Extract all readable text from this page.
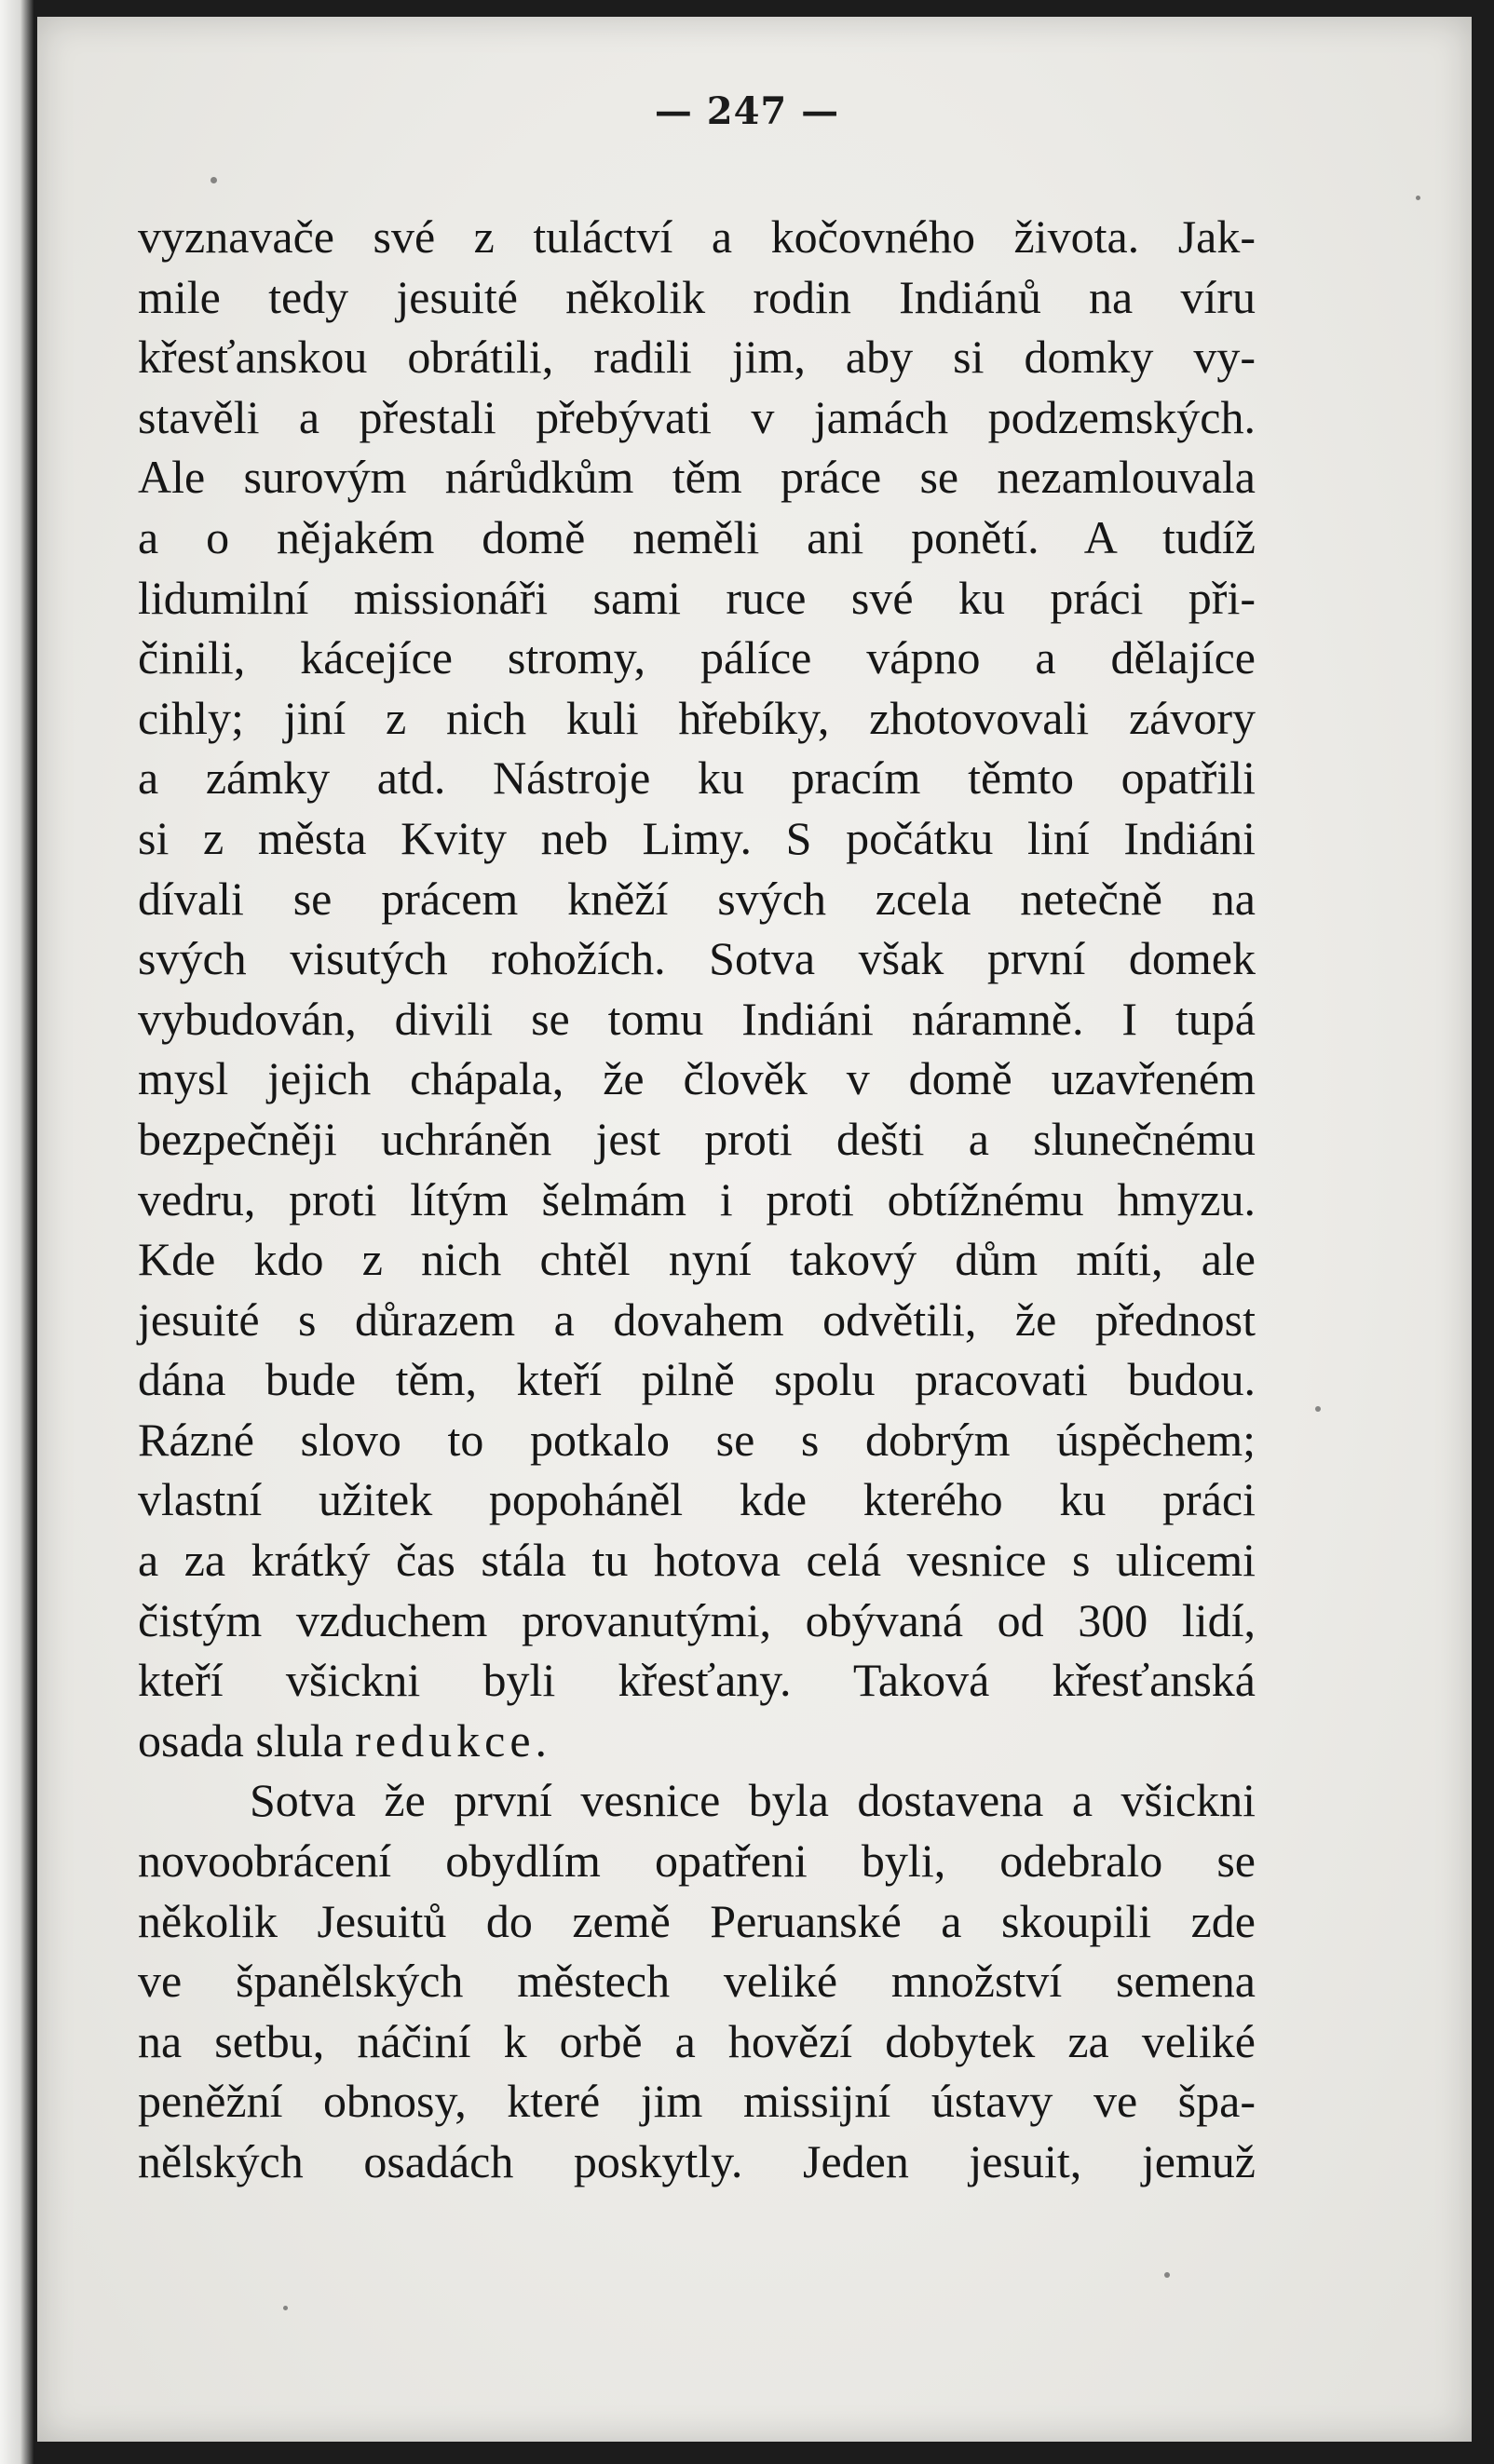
— 247 —
vyznavače své z tuláctví a kočovného života. Jak-
mile tedy jesuité několik rodin Indiánů na víru
křesťanskou obrátili, radili jim, aby si domky vy-
stavěli a přestali přebývati v jamách podzemských.
Ale surovým nárůdkům těm práce se nezamlouvala
a o nějakém domě neměli ani ponětí. A tudíž
lidumilní missionáři sami ruce své ku práci při-
činili, kácejíce stromy, pálíce vápno a dělajíce
cihly; jiní z nich kuli hřebíky, zhotovovali závory
a zámky atd. Nástroje ku pracím těmto opatřili
si z města Kvity neb Limy. S počátku liní Indiáni
dívali se prácem kněží svých zcela netečně na
svých visutých rohožích. Sotva však první domek
vybudován, divili se tomu Indiáni náramně. I tupá
mysl jejich chápala, že člověk v domě uzavřeném
bezpečněji uchráněn jest proti dešti a slunečnému
vedru, proti lítým šelmám i proti obtížnému hmyzu.
Kde kdo z nich chtěl nyní takový dům míti, ale
jesuité s důrazem a dovahem odvětili, že přednost
dána bude těm, kteří pilně spolu pracovati budou.
Rázné slovo to potkalo se s dobrým úspěchem;
vlastní užitek popoháněl kde kterého ku práci
a za krátký čas stála tu hotova celá vesnice s ulicemi
čistým vzduchem provanutými, obývaná od 300 lidí,
kteří všickni byli křesťany. Taková křesťanská
osada slula redukce.
Sotva že první vesnice byla dostavena a všickni
novoobrácení obydlím opatřeni byli, odebralo se
několik Jesuitů do země Peruanské a skoupili zde
ve španělských městech veliké množství semena
na setbu, náčiní k orbě a hovězí dobytek za veliké
peněžní obnosy, které jim missijní ústavy ve špa-
nělských osadách poskytly. Jeden jesuit, jemuž
